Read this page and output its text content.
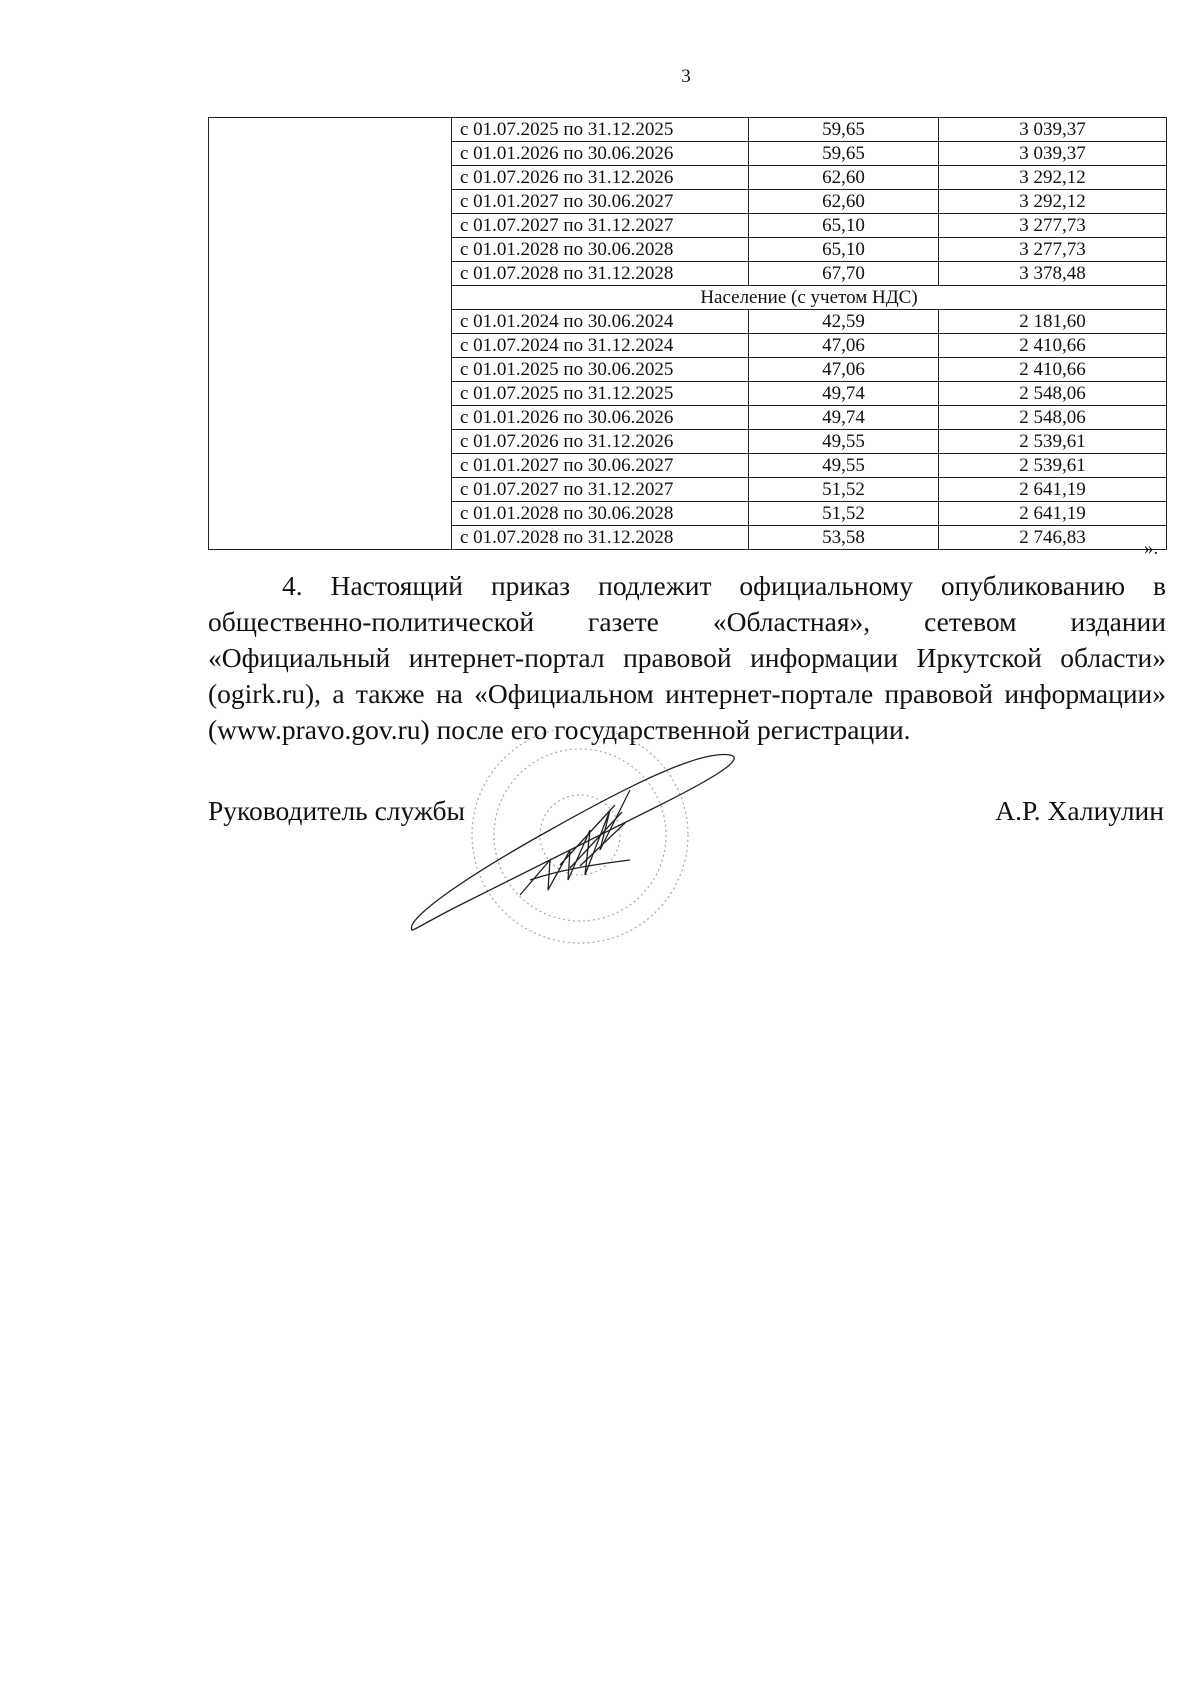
3
	с 01.07.2025 по 31.12.2025	59,65	3 039,37
	с 01.01.2026 по 30.06.2026	59,65	3 039,37
	с 01.07.2026 по 31.12.2026	62,60	3 292,12
	с 01.01.2027 по 30.06.2027	62,60	3 292,12
	с 01.07.2027 по 31.12.2027	65,10	3 277,73
	с 01.01.2028 по 30.06.2028	65,10	3 277,73
	с 01.07.2028 по 31.12.2028	67,70	3 378,48
	Население (с учетом НДС)		
	с 01.01.2024 по 30.06.2024	42,59	2 181,60
	с 01.07.2024 по 31.12.2024	47,06	2 410,66
	с 01.01.2025 по 30.06.2025	47,06	2 410,66
	с 01.07.2025 по 31.12.2025	49,74	2 548,06
	с 01.01.2026 по 30.06.2026	49,74	2 548,06
	с 01.07.2026 по 31.12.2026	49,55	2 539,61
	с 01.01.2027 по 30.06.2027	49,55	2 539,61
	с 01.07.2027 по 31.12.2027	51,52	2 641,19
	с 01.01.2028 по 30.06.2028	51,52	2 641,19
	с 01.07.2028 по 31.12.2028	53,58	2 746,83
».
4. Настоящий приказ подлежит официальному опубликованию в общественно-политической газете «Областная», сетевом издании «Официальный интернет-портал правовой информации Иркутской области» (ogirk.ru), а также на «Официальном интернет-портале правовой информации» (www.pravo.gov.ru) после его государственной регистрации.
Руководитель службы	А.Р. Халиулин
